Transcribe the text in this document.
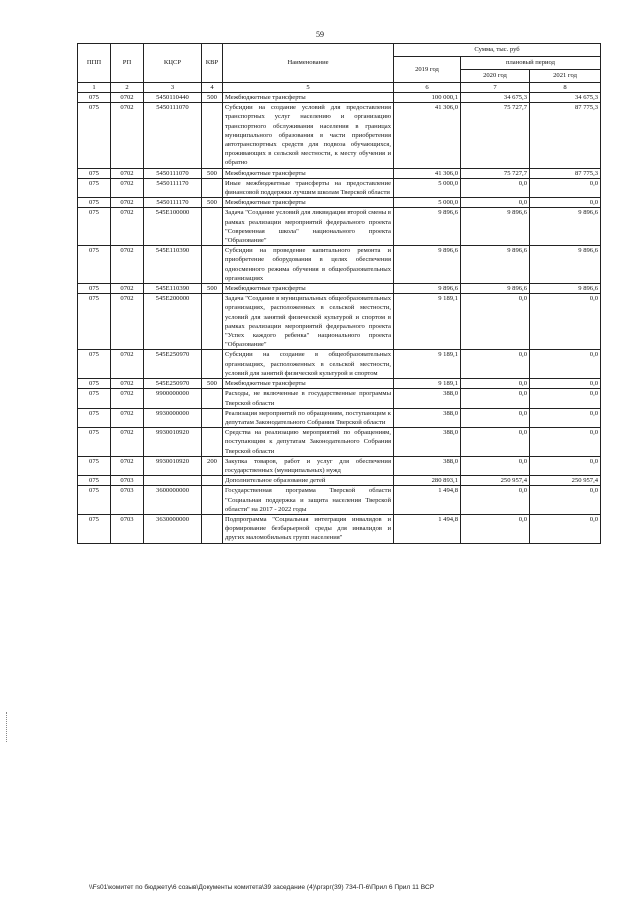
59
ППП	РП	КЦСР	КВР	Наименование	Сумма, тыс. руб		
					2019 год	плановый период	
						2020 год	2021 год
1	2	3	4	5	6	7	8
075	0702	5450110440	500	Межбюджетные трансферты	100 000,1	34 675,3	34 675,3
075	0702	5450111070		Субсидии на создание условий для предоставления транспортных услуг населению и организацию транспортного обслуживания населения в границах муниципального образования в части приобретения автотранспортных средств для подвоза обучающихся, проживающих в сельской местности, к месту обучения и обратно	41 306,0	75 727,7	87 775,3
075	0702	5450111070	500	Межбюджетные трансферты	41 306,0	75 727,7	87 775,3
075	0702	5450111170		Иные межбюджетные трансферты на предоставление финансовой поддержки лучшим школам Тверской области	5 000,0	0,0	0,0
075	0702	5450111170	500	Межбюджетные трансферты	5 000,0	0,0	0,0
075	0702	545E100000		Задача "Создание условий для ликвидации второй смены в рамках реализации мероприятий федерального проекта "Современная школа" национального проекта "Образование"	9 896,6	9 896,6	9 896,6
075	0702	545E110390		Субсидии на проведение капитального ремонта и приобретение оборудования в целях обеспечения односменного режима обучения в общеобразовательных организациях	9 896,6	9 896,6	9 896,6
075	0702	545E110390	500	Межбюджетные трансферты	9 896,6	9 896,6	9 896,6
075	0702	545E200000		Задача "Создание в муниципальных общеобразовательных организациях, расположенных в сельской местности, условий для занятий физической культурой и спортом в рамках реализации мероприятий федерального проекта "Успех каждого ребенка" национального проекта "Образование"	9 189,1	0,0	0,0
075	0702	545E250970		Субсидии на создание в общеобразовательных организациях, расположенных в сельской местности, условий для занятий физической культурой и спортом	9 189,1	0,0	0,0
075	0702	545E250970	500	Межбюджетные трансферты	9 189,1	0,0	0,0
075	0702	9900000000		Расходы, не включенные в государственные программы Тверской области	388,0	0,0	0,0
075	0702	9930000000		Реализация мероприятий по обращениям, поступающим к депутатам Законодательного Собрания Тверской области	388,0	0,0	0,0
075	0702	9930010920		Средства на реализацию мероприятий по обращениям, поступающим к депутатам Законодательного Собрания Тверской области	388,0	0,0	0,0
075	0702	9930010920	200	Закупка товаров, работ и услуг для обеспечения государственных (муниципальных) нужд	388,0	0,0	0,0
075	0703			Дополнительное образование детей	280 893,1	250 957,4	250 957,4
075	0703	3600000000		Государственная программа Тверской области "Социальная поддержка и защита населения Тверской области" на 2017 - 2022 годы	1 494,8	0,0	0,0
075	0703	3630000000		Подпрограмма "Социальная интеграция инвалидов и формирование безбарьерной среды для инвалидов и других маломобильных групп населения"	1 494,8	0,0	0,0
\\Fs01\комитет по бюджету\6 созыв\Документы комитета\39 заседание (4)\ргзрг(39) 734-П-6\Прил 6 Прил 11 ВСР
